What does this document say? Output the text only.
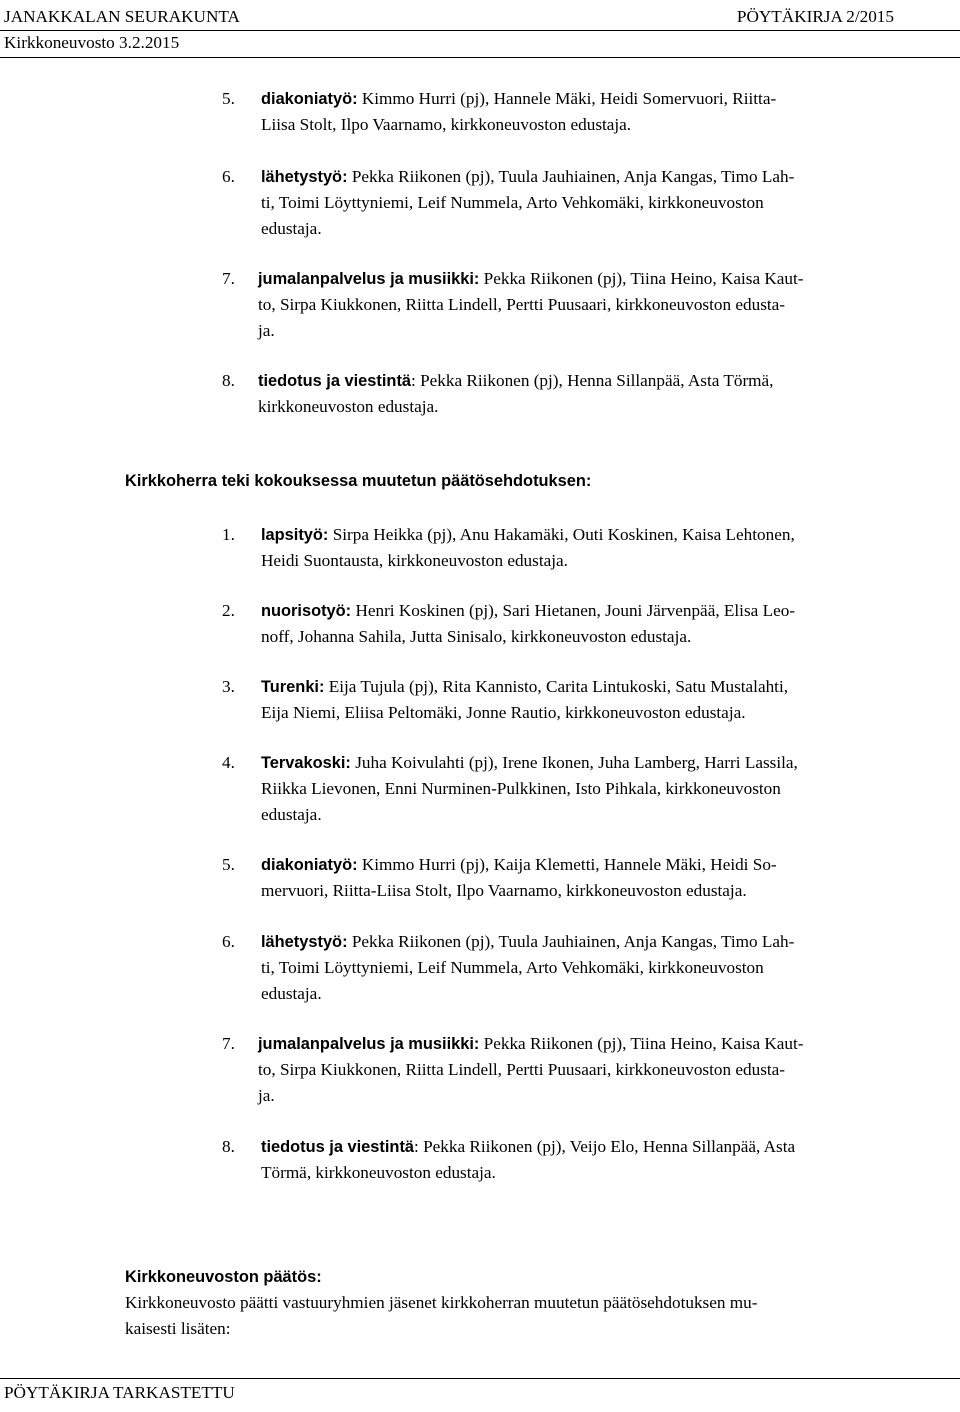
JANAKKALAN SEURAKUNTA	PÖYTÄKIRJA 2/2015
Kirkkoneuvosto 3.2.2015
5. diakoniatyö: Kimmo Hurri (pj), Hannele Mäki, Heidi Somervuori, Riitta-
Liisa Stolt, Ilpo Vaarnamo, kirkkoneuvoston edustaja.
6. lähetystyö: Pekka Riikonen (pj), Tuula Jauhiainen, Anja Kangas, Timo Lah-
ti, Toimi Löyttyniemi, Leif Nummela, Arto Vehkomäki, kirkkoneuvoston
edustaja.
7. jumalanpalvelus ja musiikki: Pekka Riikonen (pj), Tiina Heino, Kaisa Kaut-
to, Sirpa Kiukkonen, Riitta Lindell, Pertti Puusaari, kirkkoneuvoston edusta-
ja.
8. tiedotus ja viestintä: Pekka Riikonen (pj), Henna Sillanpää, Asta Törmä,
kirkkoneuvoston edustaja.
Kirkkoherra teki kokouksessa muutetun päätösehdotuksen:
1. lapsityö: Sirpa Heikka (pj), Anu Hakamäki, Outi Koskinen, Kaisa Lehtonen,
Heidi Suontausta, kirkkoneuvoston edustaja.
2. nuorisotyö: Henri Koskinen (pj), Sari Hietanen, Jouni Järvenpää, Elisa Leo-
noff, Johanna Sahila, Jutta Sinisalo, kirkkoneuvoston edustaja.
3. Turenki: Eija Tujula (pj), Rita Kannisto, Carita Lintukoski, Satu Mustalahti,
Eija Niemi, Eliisa Peltomäki, Jonne Rautio, kirkkoneuvoston edustaja.
4. Tervakoski: Juha Koivulahti (pj), Irene Ikonen, Juha Lamberg, Harri Lassila,
Riikka Lievonen, Enni Nurminen-Pulkkinen, Isto Pihkala, kirkkoneuvoston
edustaja.
5. diakoniatyö: Kimmo Hurri (pj), Kaija Klemetti, Hannele Mäki, Heidi So-
mervuori, Riitta-Liisa Stolt, Ilpo Vaarnamo, kirkkoneuvoston edustaja.
6. lähetystyö: Pekka Riikonen (pj), Tuula Jauhiainen, Anja Kangas, Timo Lah-
ti, Toimi Löyttyniemi, Leif Nummela, Arto Vehkomäki, kirkkoneuvoston
edustaja.
7. jumalanpalvelus ja musiikki: Pekka Riikonen (pj), Tiina Heino, Kaisa Kaut-
to, Sirpa Kiukkonen, Riitta Lindell, Pertti Puusaari, kirkkoneuvoston edusta-
ja.
8. tiedotus ja viestintä: Pekka Riikonen (pj), Veijo Elo, Henna Sillanpää, Asta
Törmä, kirkkoneuvoston edustaja.
Kirkkoneuvoston päätös:
Kirkkoneuvosto päätti vastuuryhmien jäsenet kirkkoherran muutetun päätösehdotuksen mu-
kaisesti lisäten:
PÖYTÄKIRJA TARKASTETTU
